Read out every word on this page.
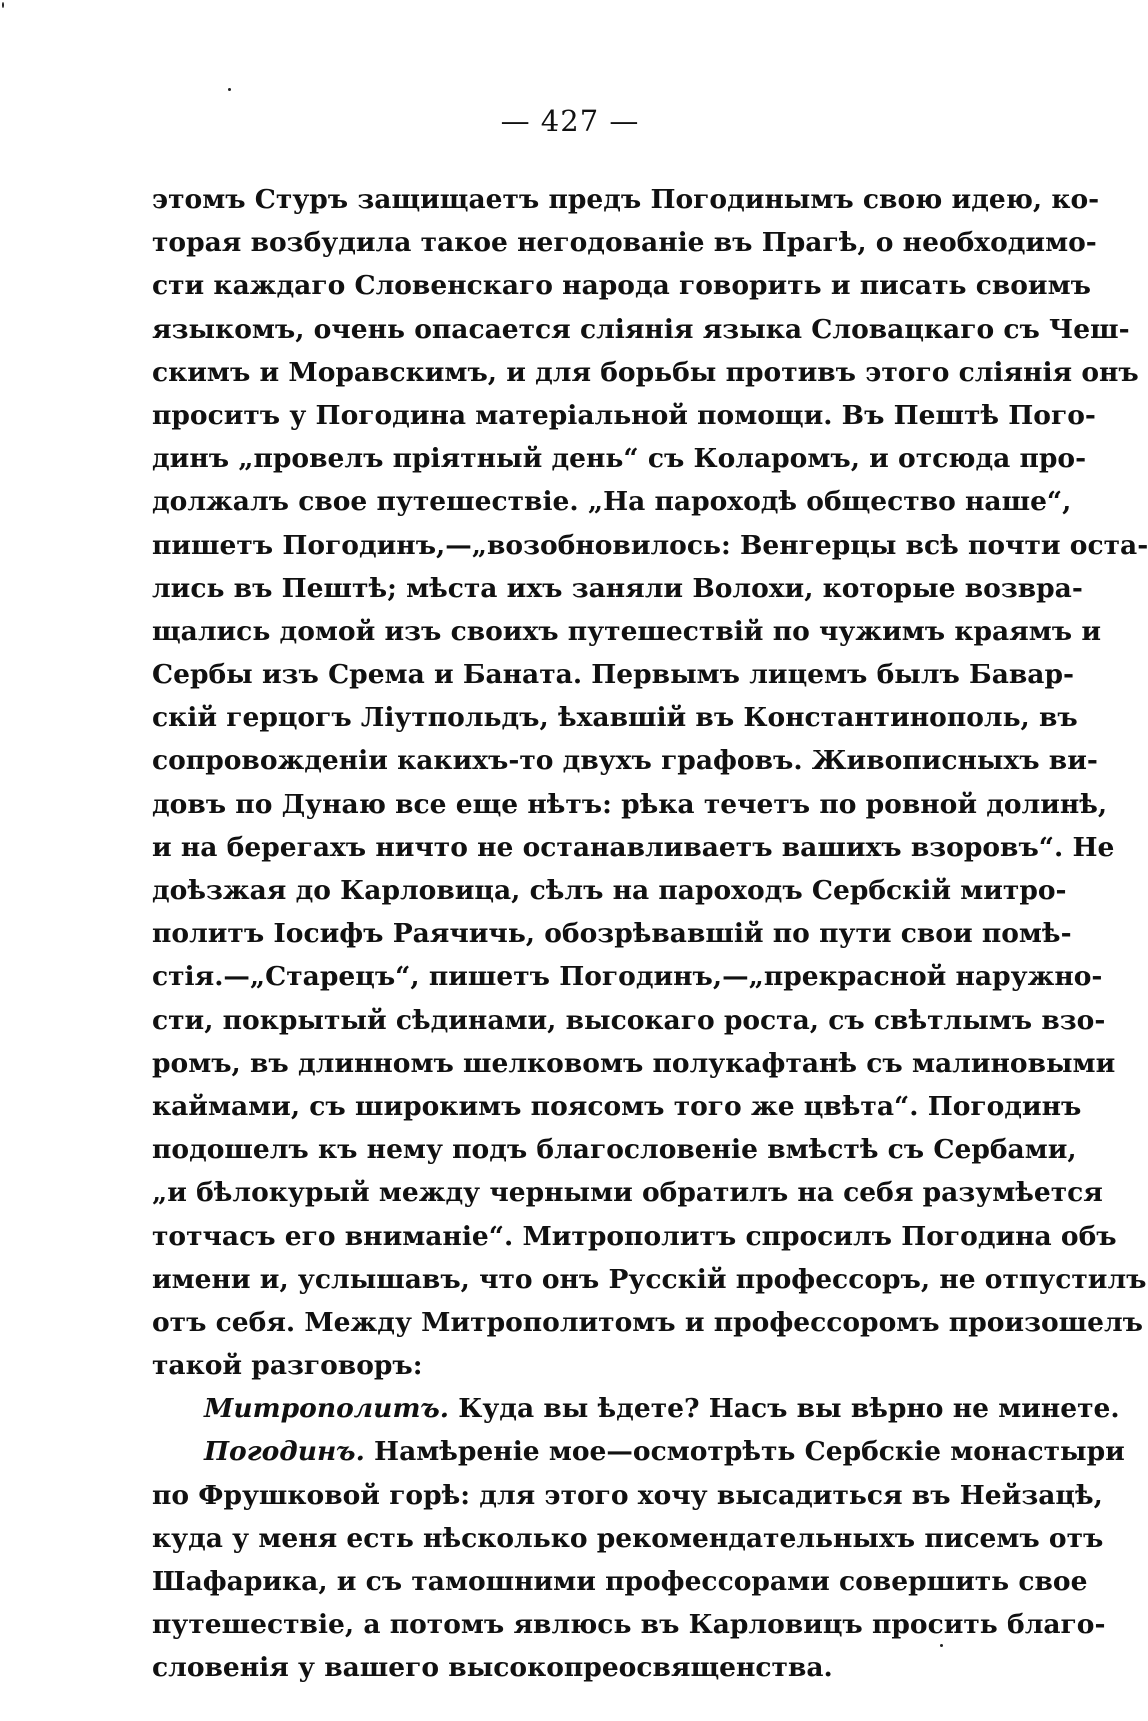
— 427 —
этомъ Стуръ защищаетъ предъ Погодинымъ свою идею, ко-
торая возбудила такое негодованіе въ Прагѣ, о необходимо-
сти каждаго Словенскаго народа говорить и писать своимъ
языкомъ, очень опасается слiянія языка Словацкаго съ Чеш-
скимъ и Моравскимъ, и для борьбы противъ этого слiянія онъ
проситъ у Погодина матеріальной помощи. Въ Пештѣ Пого-
динъ „провелъ прiятный день“ съ Коларомъ, и отсюда про-
должалъ свое путешествіе. „На пароходѣ общество наше“,
пишетъ Погодинъ,—„возобновилось: Венгерцы всѣ почти оста-
лись въ Пештѣ; мѣста ихъ заняли Волохи, которые возвра-
щались домой изъ своихъ путешествій по чужимъ краямъ и
Сербы изъ Срема и Баната. Первымъ лицемъ былъ Бавар-
скій герцогъ Лiутпольдъ, ѣхавшій въ Константинополь, въ
сопровожденіи какихъ-то двухъ графовъ. Живописныхъ ви-
довъ по Дунаю все еще нѣтъ: рѣка течетъ по ровной долинѣ,
и на берегахъ ничто не останавливаетъ вашихъ взоровъ“. Не
доѣзжая до Карловица, сѣлъ на пароходъ Сербскій митро-
политъ Іосифъ Раячичь, обозрѣвавшій по пути свои помѣ-
стія.—„Старецъ“, пишетъ Погодинъ,—„прекрасной наружно-
сти, покрытый сѣдинами, высокаго роста, съ свѣтлымъ взо-
ромъ, въ длинномъ шелковомъ полукафтанѣ съ малиновыми
каймами, съ широкимъ поясомъ того же цвѣта“. Погодинъ
подошелъ къ нему подъ благословеніе вмѣстѣ съ Сербами,
„и бѣлокурый между черными обратилъ на себя разумѣется
тотчасъ его вниманіе“. Митрополитъ спросилъ Погодина объ
имени и, услышавъ, что онъ Русскій профессоръ, не отпустилъ
отъ себя. Между Митрополитомъ и профессоромъ произошелъ
такой разговоръ:
Митрополитъ. Куда вы ѣдете? Насъ вы вѣрно не минете.
Погодинъ. Намѣреніе мое—осмотрѣть Сербскіе монастыри
по Фрушковой горѣ: для этого хочу высадиться въ Нейзацѣ,
куда у меня есть нѣсколько рекомендательныхъ писемъ отъ
Шафарика, и съ тамошними профессорами совершить свое
путешествіе, а потомъ явлюсь въ Карловицъ просить благо-
словенія у вашего высокопреосвященства.
